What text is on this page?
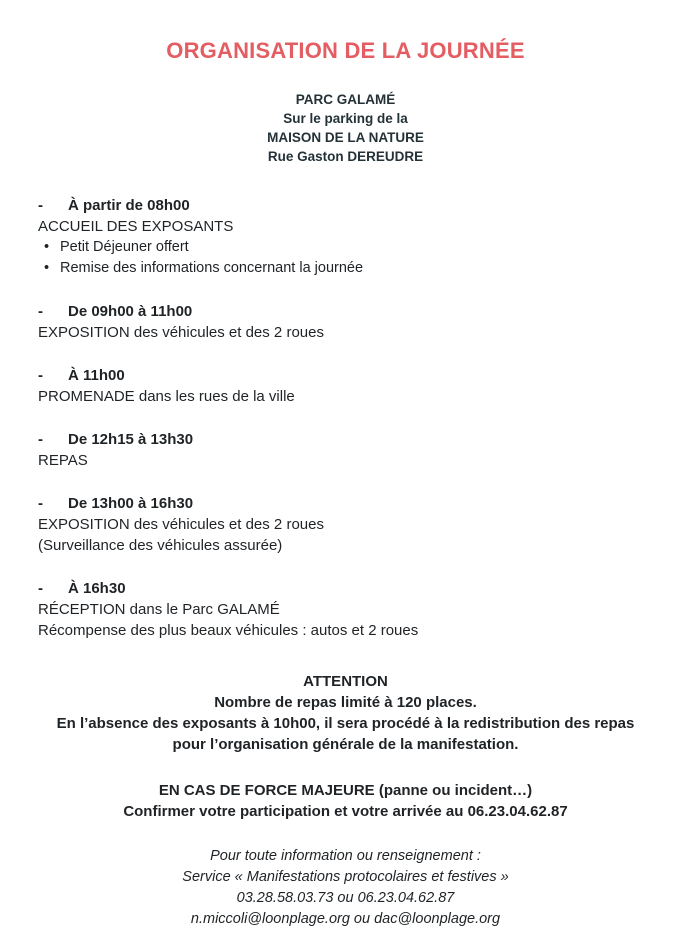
ORGANISATION DE LA JOURNÉE
PARC GALAMÉ
Sur le parking de la
MAISON DE LA NATURE
Rue Gaston DEREUDRE
-	À partir de 08h00
ACCUEIL DES EXPOSANTS
• Petit Déjeuner offert
• Remise des informations concernant la journée
-	De 09h00 à 11h00
EXPOSITION des véhicules et des 2 roues
-	À 11h00
PROMENADE dans les rues de la ville
-	De 12h15 à 13h30
REPAS
-	De 13h00 à 16h30
EXPOSITION des véhicules et des 2 roues
(Surveillance des véhicules assurée)
-	À 16h30
RÉCEPTION dans le Parc GALAMÉ
Récompense des plus beaux véhicules : autos et 2 roues
ATTENTION
Nombre de repas limité à 120 places.
En l’absence des exposants à 10h00, il sera procédé à la redistribution des repas
pour l’organisation générale de la manifestation.
EN CAS DE FORCE MAJEURE (panne ou incident…)
Confirmer votre participation et votre arrivée au 06.23.04.62.87
Pour toute information ou renseignement :
Service « Manifestations protocolaires et festives »
03.28.58.03.73 ou 06.23.04.62.87
n.miccoli@loonplage.org ou dac@loonplage.org
